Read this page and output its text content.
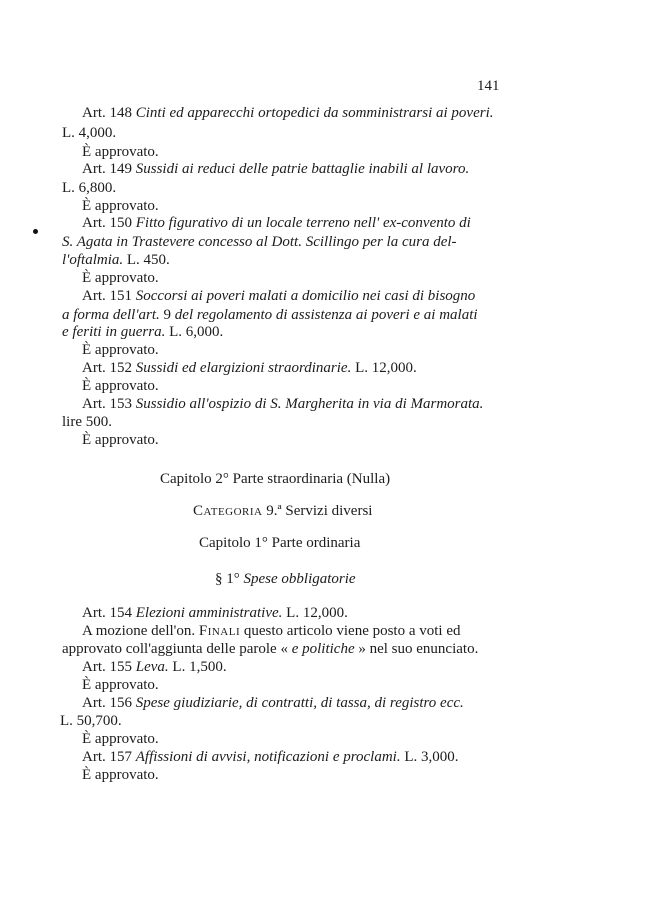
141
Art. 148 Cinti ed apparecchi ortopedici da somministrarsi ai poveri.
L. 4,000.
È approvato.
Art. 149 Sussidi ai reduci delle patrie battaglie inabili al lavoro.
L. 6,800.
È approvato.
Art. 150 Fitto figurativo di un locale terreno nell' ex-convento di
S. Agata in Trastevere concesso al Dott. Scillingo per la cura del-
l'oftalmia. L. 450.
È approvato.
Art. 151 Soccorsi ai poveri malati a domicilio nei casi di bisogno
a forma dell'art. 9 del regolamento di assistenza ai poveri e ai malati
e feriti in guerra. L. 6,000.
È approvato.
Art. 152 Sussidi ed elargizioni straordinarie. L. 12,000.
È approvato.
Art. 153 Sussidio all'ospizio di S. Margherita in via di Marmorata.
lire 500.
È approvato.
Capitolo 2° Parte straordinaria (Nulla)
Categoria 9.ª Servizi diversi
Capitolo 1° Parte ordinaria
§ 1° Spese obbligatorie
Art. 154 Elezioni amministrative. L. 12,000.
A mozione dell'on. Finali questo articolo viene posto a voti ed
approvato coll'aggiunta delle parole « e politiche » nel suo enunciato.
Art. 155 Leva. L. 1,500.
È approvato.
Art. 156 Spese giudiziarie, di contratti, di tassa, di registro ecc.
L. 50,700.
È approvato.
Art. 157 Affissioni di avvisi, notificazioni e proclami. L. 3,000.
È approvato.
